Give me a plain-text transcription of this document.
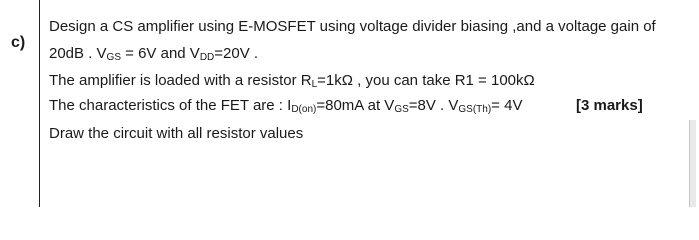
c)
Design a CS amplifier using E-MOSFET using voltage divider biasing ,and a voltage gain of
20dB . VGS = 6V and VDD=20V .
The amplifier is loaded with a resistor RL=1kΩ , you can take R1 = 100kΩ
The characteristics of the FET are : ID(on)=80mA at VGS=8V . VGS(Th)= 4V	[3 marks]
Draw the circuit with all resistor values
